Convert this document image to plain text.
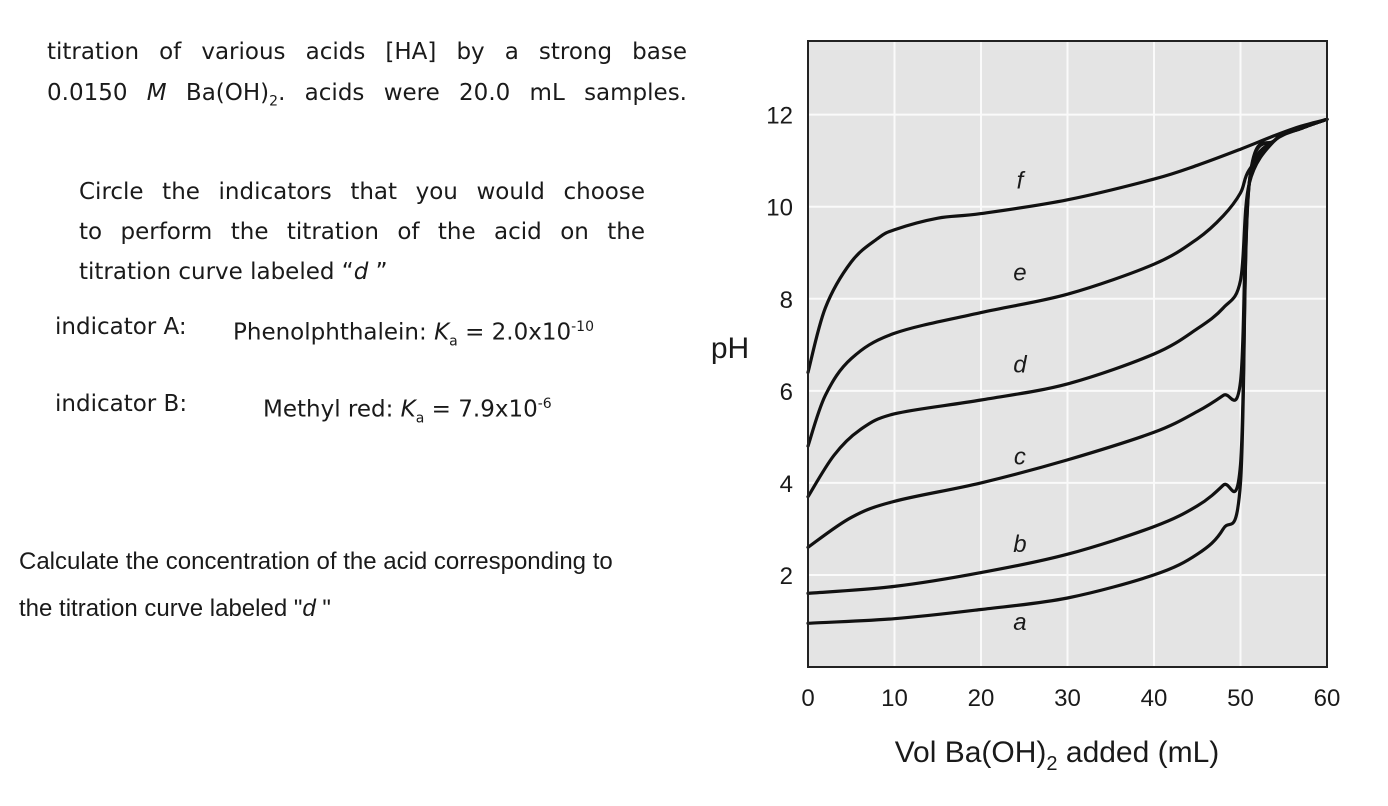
titration of various acids [HA] by a strong base
0.0150 M $Ba(OH)_2$. acids were 20.0 mL samples.
Circle the indicators that you would choose
to perform the titration of the acid on the
titration curve labeled “d ”
indicator A: Phenolphthalein: $K_a = 2.0x10^{-10}$
indicator B:	Methyl red: $K_a = 7.9x10^{-6}$
Calculate the concentration of the acid corresponding to
the titration curve labeled "d "
0	10 20 30 40 50 60
2
4
6
8
10
12
a
b
c
d
e
f
pH
Vol $Ba(OH)_2$ added (mL)
